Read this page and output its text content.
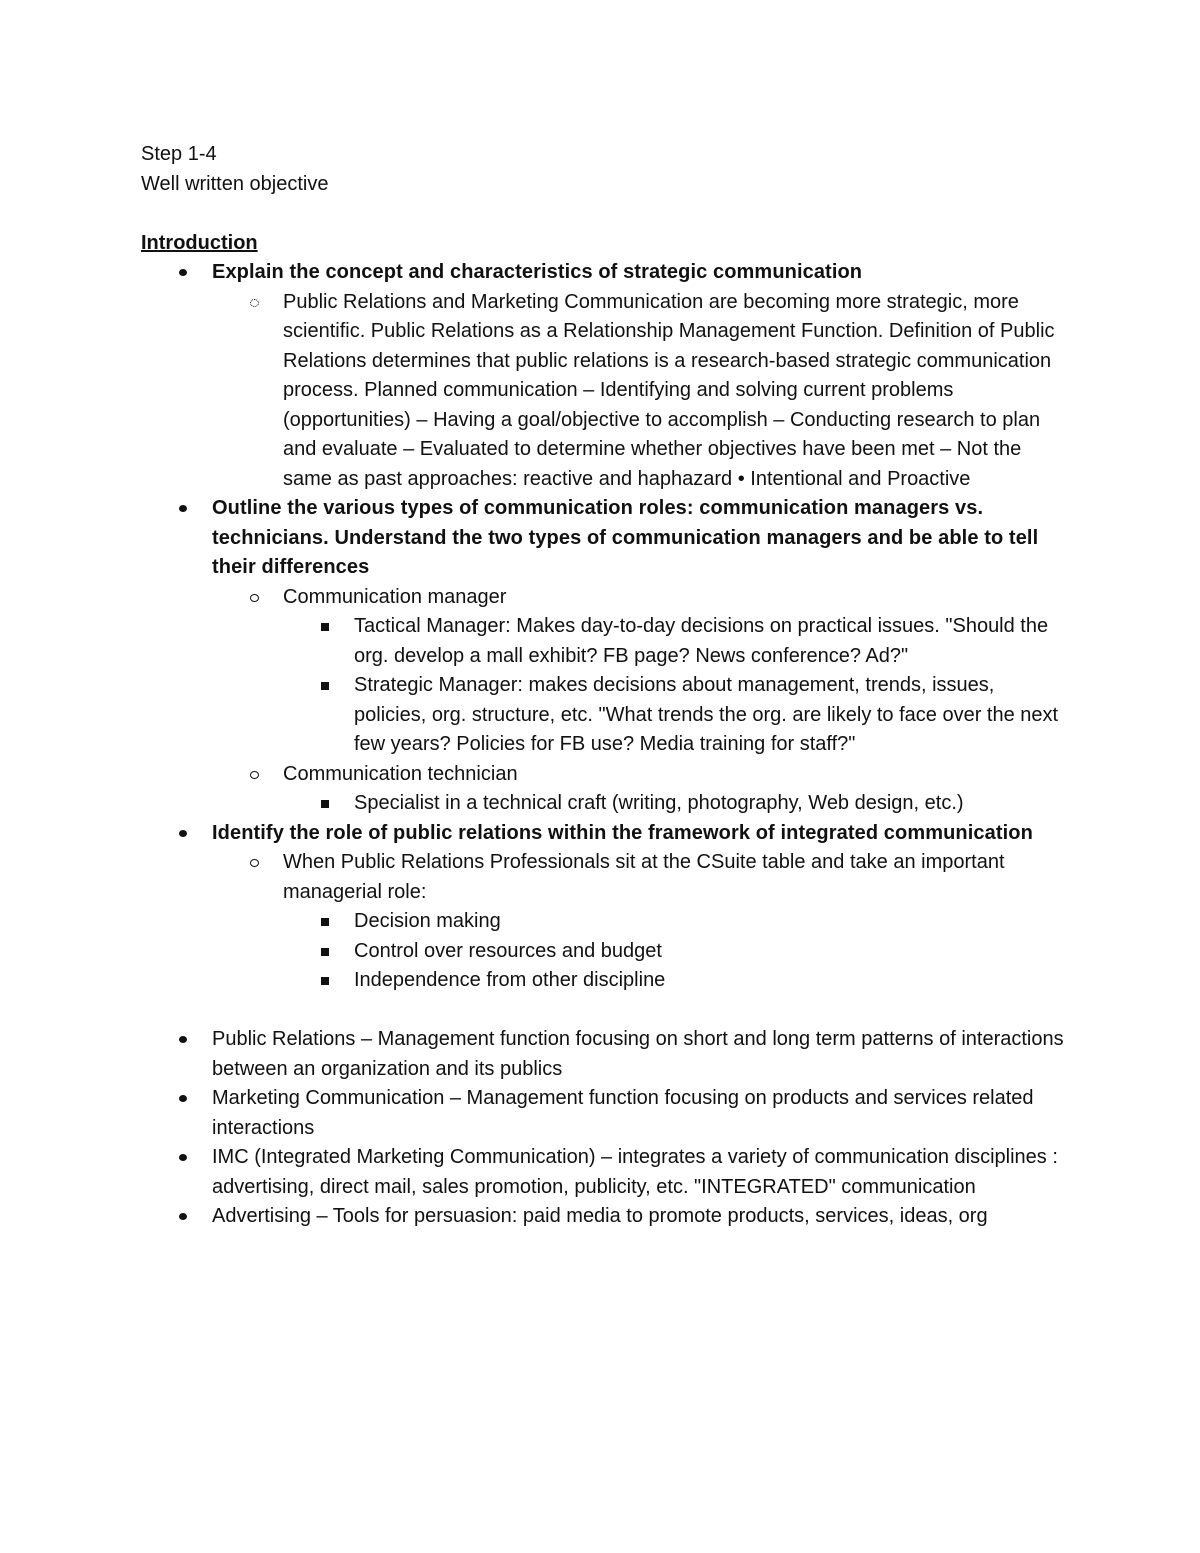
Step 1-4

Well written objective

Introduction

Explain the concept and characteristics of strategic communication
Public Relations and Marketing Communication are becoming more strategic, more scientific. Public Relations as a Relationship Management Function. Definition of Public Relations determines that public relations is a research-based strategic communication process. Planned communication – Identifying and solving current problems (opportunities) – Having a goal/objective to accomplish – Conducting research to plan and evaluate – Evaluated to determine whether objectives have been met – Not the same as past approaches: reactive and haphazard • Intentional and Proactive
Outline the various types of communication roles: communication managers vs. technicians. Understand the two types of communication managers and be able to tell their differences
Communication manager
Tactical Manager: Makes day-to-day decisions on practical issues. "Should the org. develop a mall exhibit? FB page? News conference? Ad?"
Strategic Manager: makes decisions about management, trends, issues, policies, org. structure, etc. "What trends the org. are likely to face over the next few years? Policies for FB use? Media training for staff?"
Communication technician
Specialist in a technical craft (writing, photography, Web design, etc.)
Identify the role of public relations within the framework of integrated communication
When Public Relations Professionals sit at the CSuite table and take an important managerial role:
Decision making
Control over resources and budget
Independence from other discipline
Public Relations – Management function focusing on short and long term patterns of interactions between an organization and its publics
Marketing Communication – Management function focusing on products and services related interactions
IMC (Integrated Marketing Communication) – integrates a variety of communication disciplines : advertising, direct mail, sales promotion, publicity, etc. "INTEGRATED" communication
Advertising – Tools for persuasion: paid media to promote products, services, ideas, org
